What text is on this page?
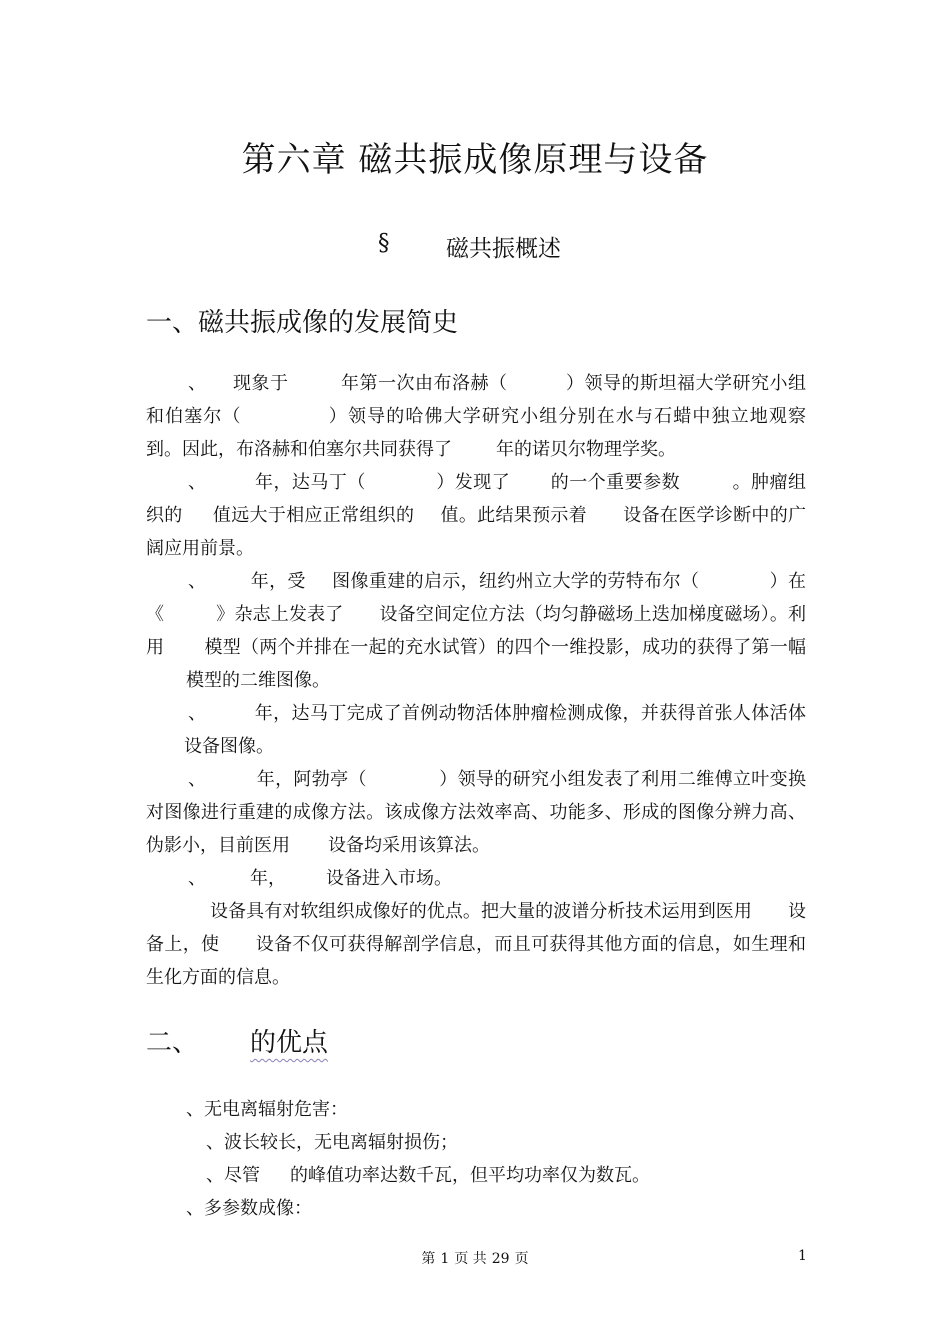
第六章 磁共振成像原理与设备
§ 磁共振概述
一、磁共振成像的发展简史

、 现象于	年第一次由布洛赫（	）领导的斯坦福大学研究小组和伯塞尔（	）领导的哈佛大学研究小组分别在水与石蜡中独立地观察到。因此，布洛赫和伯塞尔共同获得了 年的诺贝尔物理学奖。

、	年，达马丁（	）发现了 的一个重要参数	。肿瘤组织的 值远大于相应正常组织的 值。此结果预示着 设备在医学诊断中的广阔应用前景。

、 年，受 图像重建的启示，纽约州立大学的劳特布尔（	）在《	》杂志上发表了 设备空间定位方法（均匀静磁场上迭加梯度磁场）。利用 模型（两个并排在一起的充水试管）的四个一维投影，成功的获得了第一幅模型的二维图像。

、	年，达马丁完成了首例动物活体肿瘤检测成像，并获得首张人体活体设备图像。

、	年，阿勃亭（	）领导的研究小组发表了利用二维傅立叶变换对图像进行重建的成像方法。该成像方法效率高、功能多、形成的图像分辨力高、伪影小，目前医用 设备均采用该算法。

、 年， 设备进入市场。

设备具有对软组织成像好的优点。把大量的波谱分析技术运用到医用 设备上，使 设备不仅可获得解剖学信息，而且可获得其他方面的信息，如生理和生化方面的信息。

二、 的优点
、无电离辐射危害：
、波长较长，无电离辐射损伤；
、尽管 的峰值功率达数千瓦，但平均功率仅为数瓦。
、多参数成像：
第 1 页 共 29 页	1
